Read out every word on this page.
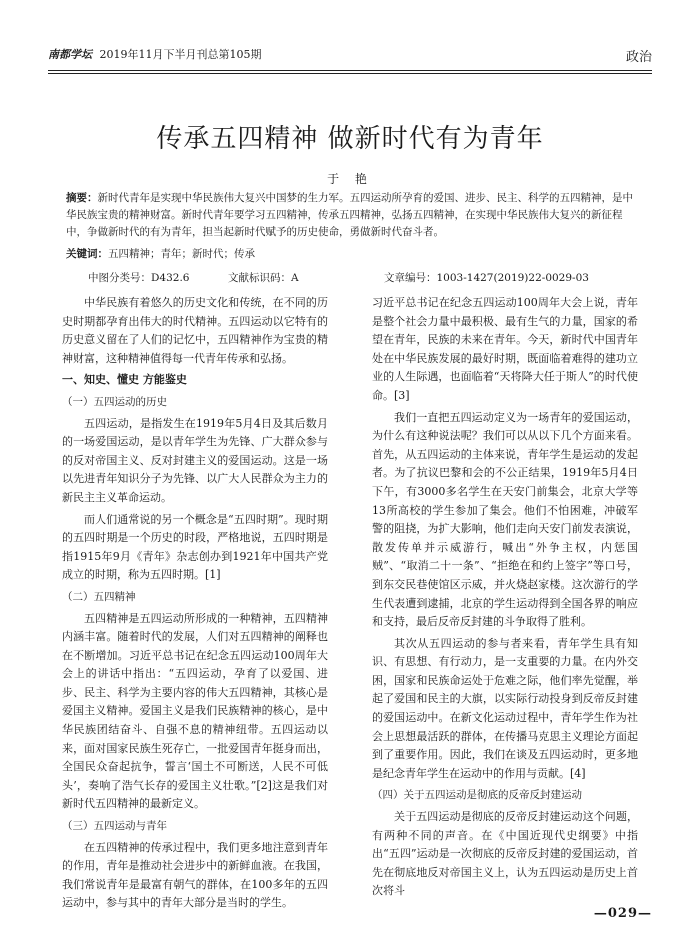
南都学坛 2019年11月下半月刊总第105期	政治
传承五四精神 做新时代有为青年
于 艳
摘要：新时代青年是实现中华民族伟大复兴中国梦的生力军。五四运动所孕育的爱国、进步、民主、科学的五四精神，是中华民族宝贵的精神财富。新时代青年要学习五四精神，传承五四精神，弘扬五四精神，在实现中华民族伟大复兴的新征程中，争做新时代的有为青年，担当起新时代赋予的历史使命，勇做新时代奋斗者。
关键词：五四精神；青年；新时代；传承
中图分类号：D432.6	文献标识码：A	文章编号：1003-1427(2019)22-0029-03

中华民族有着悠久的历史文化和传统，在不同的历史时期都孕育出伟大的时代精神。五四运动以它特有的历史意义留在了人们的记忆中，五四精神作为宝贵的精神财富，这种精神值得每一代青年传承和弘扬。

一、知史、懂史 方能鉴史
（一）五四运动的历史

五四运动，是指发生在1919年5月4日及其后数月的一场爱国运动，是以青年学生为先锋、广大群众参与的反对帝国主义、反对封建主义的爱国运动。这是一场以先进青年知识分子为先锋、以广大人民群众为主力的新民主主义革命运动。

而人们通常说的另一个概念是“五四时期”。现时期的五四时期是一个历史的时段，严格地说，五四时期是指1915年9月《青年》杂志创办到1921年中国共产党成立的时期，称为五四时期。[1]

（二）五四精神

五四精神是五四运动所形成的一种精神，五四精神内涵丰富。随着时代的发展，人们对五四精神的阐释也在不断增加。习近平总书记在纪念五四运动100周年大会上的讲话中指出：“五四运动，孕育了以爱国、进步、民主、科学为主要内容的伟大五四精神，其核心是爱国主义精神。爱国主义是我们民族精神的核心，是中华民族团结奋斗、自强不息的精神纽带。五四运动以来，面对国家民族生死存亡，一批爱国青年挺身而出，全国民众奋起抗争，誓言‘国土不可断送，人民不可低头’，奏响了浩气长存的爱国主义壮歌。”[2]这是我们对新时代五四精神的最新定义。

（三）五四运动与青年

在五四精神的传承过程中，我们更多地注意到青年的作用，青年是推动社会进步中的新鲜血液。在我国，我们常说青年是最富有朝气的群体，在100多年的五四运动中，参与其中的青年大部分是当时的学生。

习近平总书记在纪念五四运动100周年大会上说，青年是整个社会力量中最积极、最有生气的力量，国家的希望在青年，民族的未来在青年。今天，新时代中国青年处在中华民族发展的最好时期，既面临着难得的建功立业的人生际遇，也面临着“天将降大任于斯人”的时代使命。[3]

我们一直把五四运动定义为一场青年的爱国运动，为什么有这种说法呢？我们可以从以下几个方面来看。首先，从五四运动的主体来说，青年学生是运动的发起者。为了抗议巴黎和会的不公正结果，1919年5月4日下午，有3000多名学生在天安门前集会，北京大学等13所高校的学生参加了集会。他们不怕困难，冲破军警的阻挠，为扩大影响，他们走向天安门前发表演说，散发传单并示威游行，喊出“外争主权，内惩国贼”、“取消二十一条”、“拒绝在和约上签字”等口号，到东交民巷使馆区示威，并火烧赵家楼。这次游行的学生代表遭到逮捕，北京的学生运动得到全国各界的响应和支持，最后反帝反封建的斗争取得了胜利。

其次从五四运动的参与者来看，青年学生具有知识、有思想、有行动力，是一支重要的力量。在内外交困，国家和民族命运处于危难之际，他们率先觉醒，举起了爱国和民主的大旗，以实际行动投身到反帝反封建的爱国运动中。在新文化运动过程中，青年学生作为社会上思想最活跃的群体，在传播马克思主义理论方面起到了重要作用。因此，我们在谈及五四运动时，更多地是纪念青年学生在运动中的作用与贡献。[4]

（四）关于五四运动是彻底的反帝反封建运动

关于五四运动是彻底的反帝反封建运动这个问题，有两种不同的声音。在《中国近现代史纲要》中指出“五四”运动是一次彻底的反帝反封建的爱国运动，首先在彻底地反对帝国主义上，认为五四运动是历史上首次将斗

—029—
